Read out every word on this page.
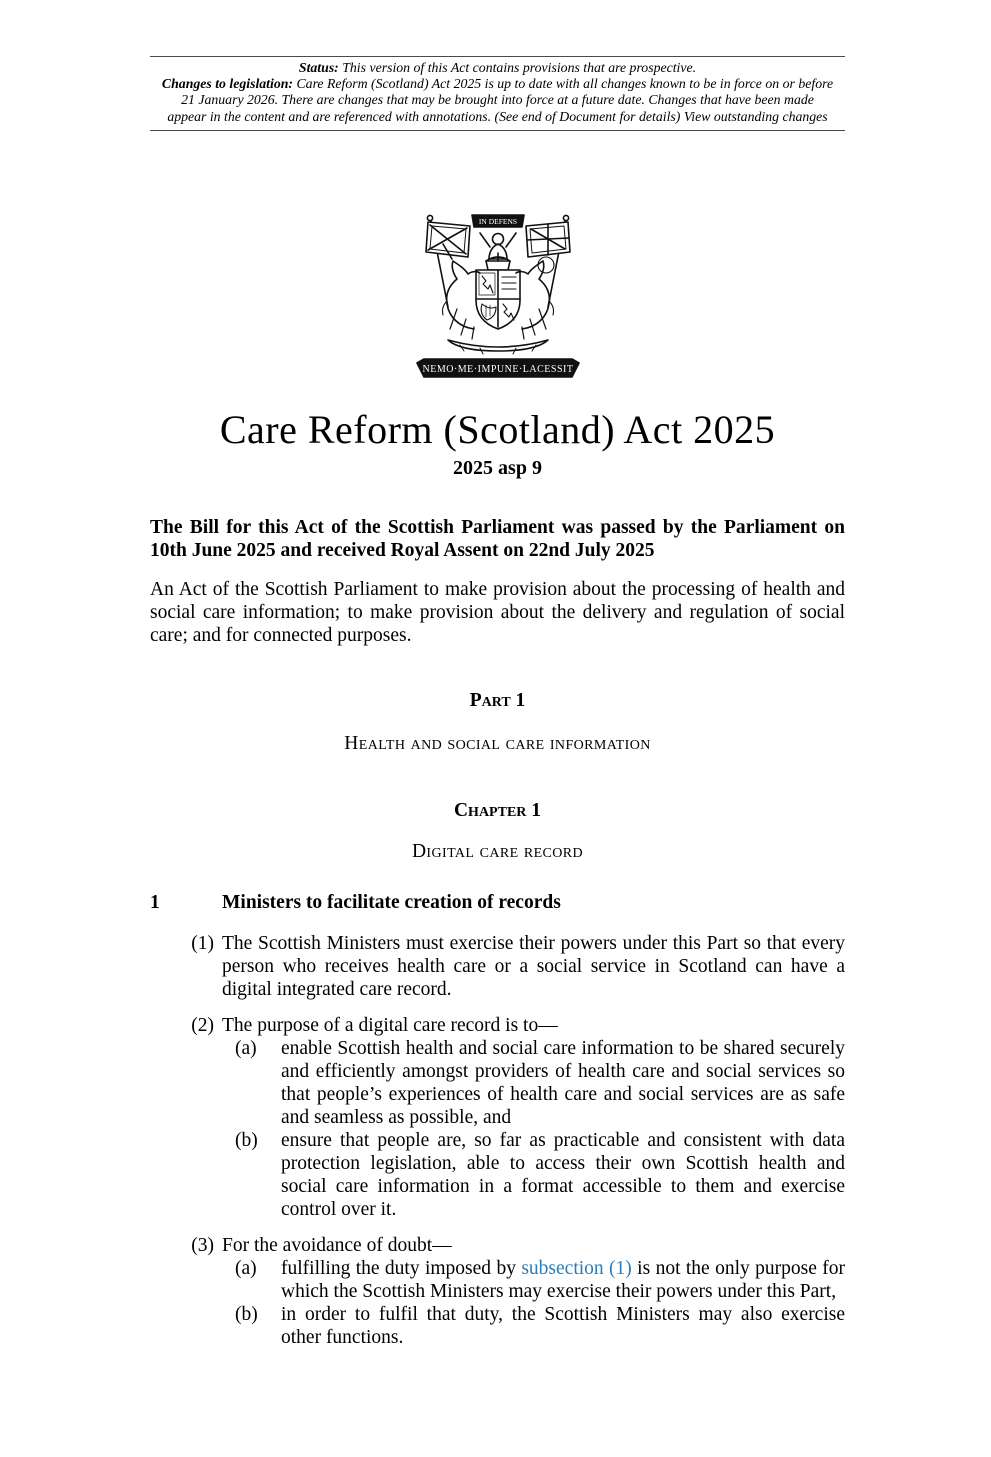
Status: This version of this Act contains provisions that are prospective.
Changes to legislation: Care Reform (Scotland) Act 2025 is up to date with all changes known to be in force on or before 21 January 2026. There are changes that may be brought into force at a future date. Changes that have been made appear in the content and are referenced with annotations. (See end of Document for details) View outstanding changes
IN DEFENS
NEMO·ME·IMPUNE·LACESSIT
Care Reform (Scotland) Act 2025
2025 asp 9

The Bill for this Act of the Scottish Parliament was passed by the Parliament on 10th June 2025 and received Royal Assent on 22nd July 2025

An Act of the Scottish Parliament to make provision about the processing of health and social care information; to make provision about the delivery and regulation of social care; and for connected purposes.

Part 1
Health and social care information
Chapter 1
Digital care record
1	Ministers to facilitate creation of records
(1) The Scottish Ministers must exercise their powers under this Part so that every person who receives health care or a social service in Scotland can have a digital integrated care record.
(2) The purpose of a digital care record is to—
(a) enable Scottish health and social care information to be shared securely and efficiently amongst providers of health care and social services so that people’s experiences of health care and social services are as safe and seamless as possible, and
(b) ensure that people are, so far as practicable and consistent with data protection legislation, able to access their own Scottish health and social care information in a format accessible to them and exercise control over it.
(3) For the avoidance of doubt—
(a) fulfilling the duty imposed by subsection (1) is not the only purpose for which the Scottish Ministers may exercise their powers under this Part,
(b) in order to fulfil that duty, the Scottish Ministers may also exercise other functions.
